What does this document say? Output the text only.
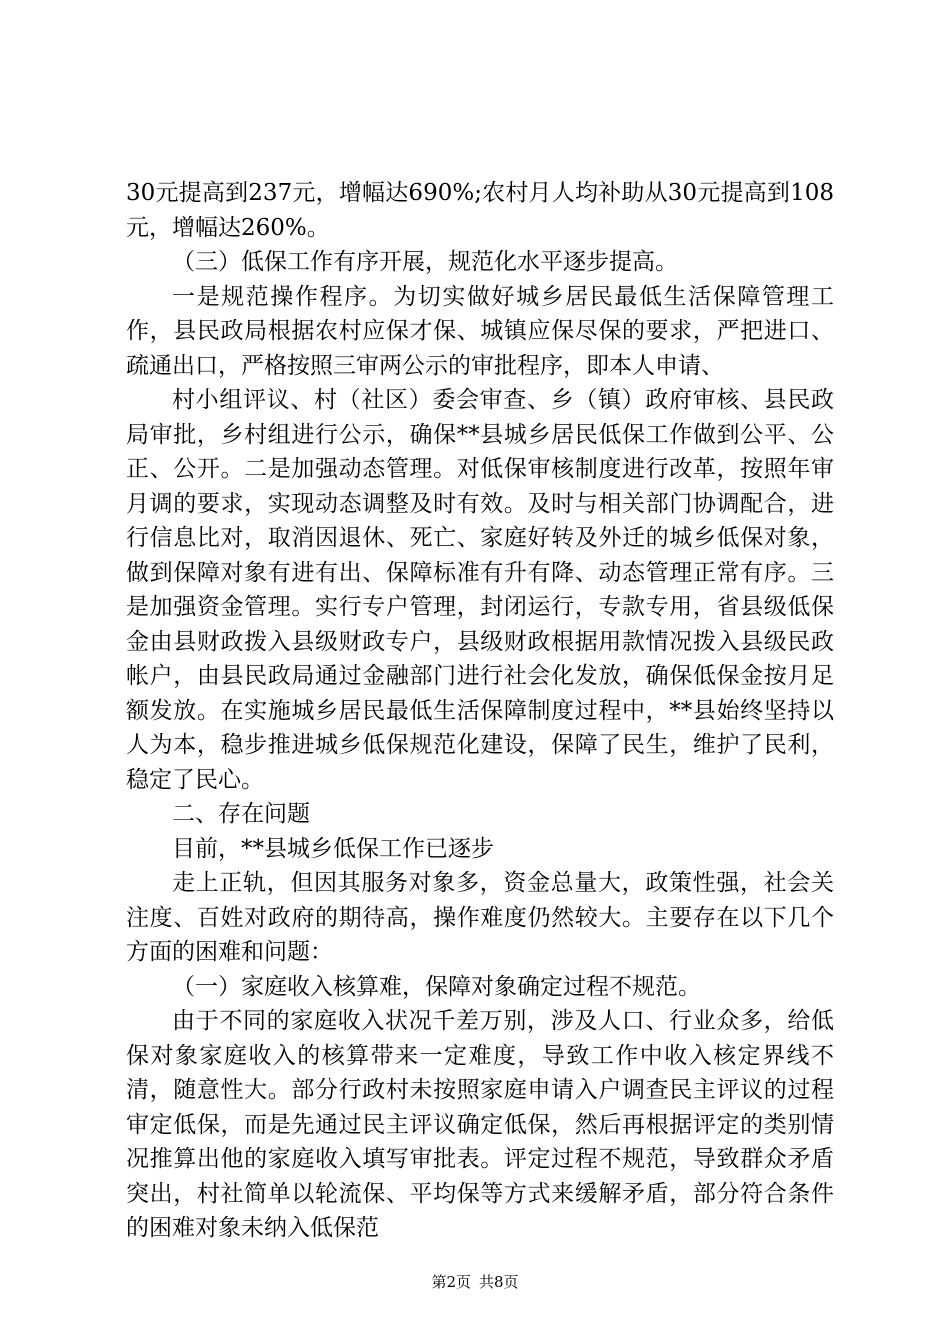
30元提高到237元，增幅达690%;农村月人均补助从30元提高到108元，增幅达260%。

（三）低保工作有序开展，规范化水平逐步提高。

一是规范操作程序。为切实做好城乡居民最低生活保障管理工作，县民政局根据农村应保才保、城镇应保尽保的要求，严把进口、疏通出口，严格按照三审两公示的审批程序，即本人申请、

村小组评议、村（社区）委会审查、乡（镇）政府审核、县民政局审批，乡村组进行公示，确保**县城乡居民低保工作做到公平、公正、公开。二是加强动态管理。对低保审核制度进行改革，按照年审月调的要求，实现动态调整及时有效。及时与相关部门协调配合，进行信息比对，取消因退休、死亡、家庭好转及外迁的城乡低保对象，做到保障对象有进有出、保障标准有升有降、动态管理正常有序。三是加强资金管理。实行专户管理，封闭运行，专款专用，省县级低保金由县财政拨入县级财政专户，县级财政根据用款情况拨入县级民政帐户，由县民政局通过金融部门进行社会化发放，确保低保金按月足额发放。在实施城乡居民最低生活保障制度过程中，**县始终坚持以人为本，稳步推进城乡低保规范化建设，保障了民生，维护了民利，稳定了民心。

二、存在问题

目前，**县城乡低保工作已逐步

走上正轨，但因其服务对象多，资金总量大，政策性强，社会关注度、百姓对政府的期待高，操作难度仍然较大。主要存在以下几个方面的困难和问题：

（一）家庭收入核算难，保障对象确定过程不规范。

由于不同的家庭收入状况千差万别，涉及人口、行业众多，给低保对象家庭收入的核算带来一定难度，导致工作中收入核定界线不清，随意性大。部分行政村未按照家庭申请入户调查民主评议的过程审定低保，而是先通过民主评议确定低保，然后再根据评定的类别情况推算出他的家庭收入填写审批表。评定过程不规范，导致群众矛盾突出，村社简单以轮流保、平均保等方式来缓解矛盾，部分符合条件的困难对象未纳入低保范

第2页 共8页
